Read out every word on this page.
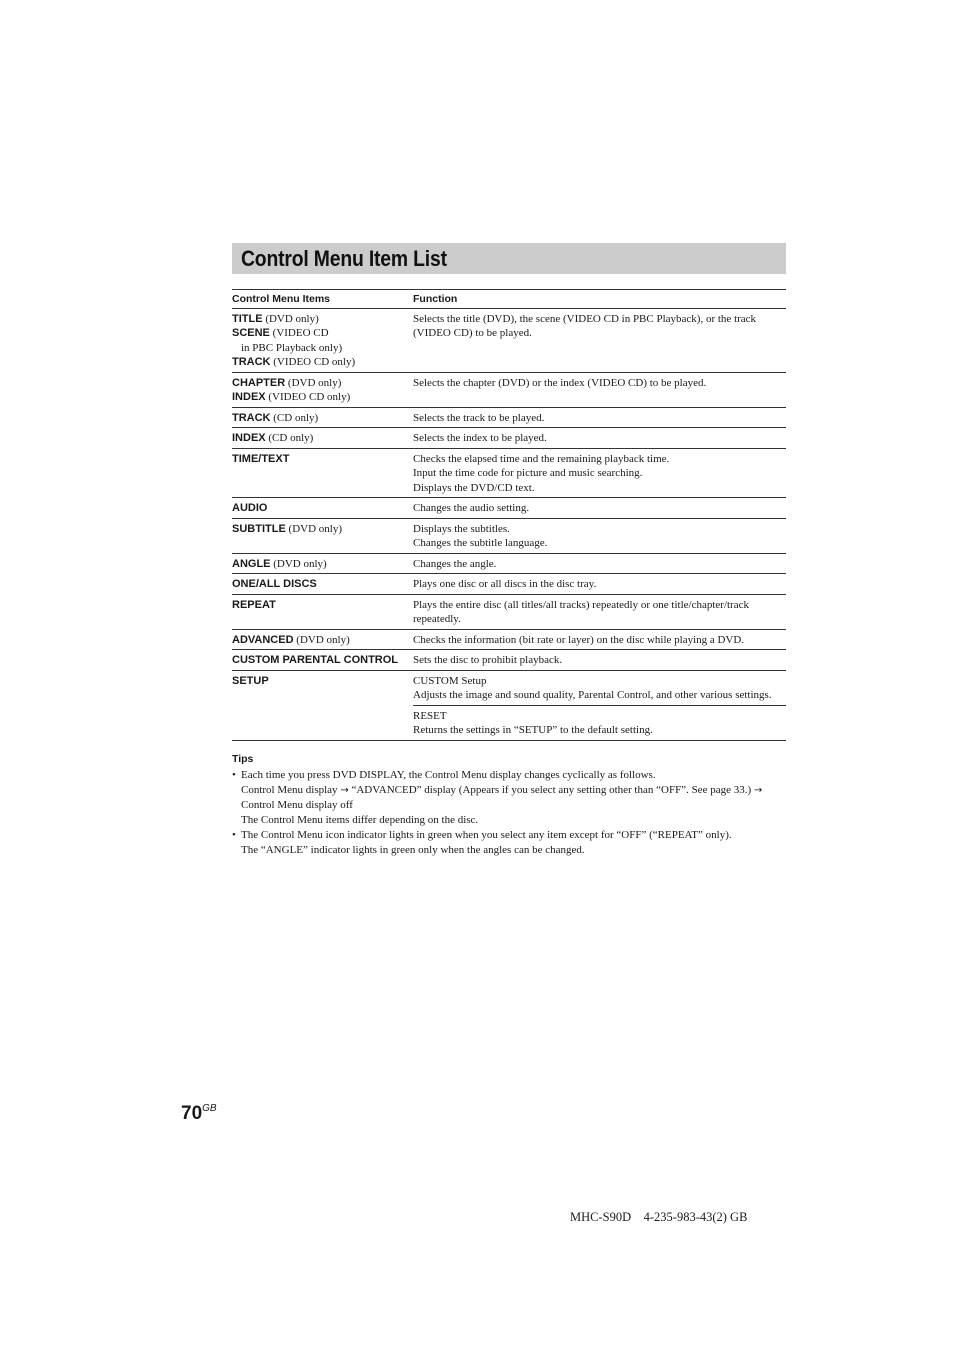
Control Menu Item List
Control Menu Items	Function

TITLE (DVD only)
SCENE (VIDEO CD
in PBC Playback only)
TRACK (VIDEO CD only)	Selects the title (DVD), the scene (VIDEO CD in PBC Playback), or the track (VIDEO CD) to be played.

CHAPTER (DVD only)
INDEX (VIDEO CD only)	Selects the chapter (DVD) or the index (VIDEO CD) to be played.

TRACK (CD only)	Selects the track to be played.

INDEX (CD only)	Selects the index to be played.

TIME/TEXT	Checks the elapsed time and the remaining playback time.
Input the time code for picture and music searching.
Displays the DVD/CD text.

AUDIO	Changes the audio setting.

SUBTITLE (DVD only)	Displays the subtitles.
Changes the subtitle language.

ANGLE (DVD only)	Changes the angle.

ONE/ALL DISCS	Plays one disc or all discs in the disc tray.

REPEAT	Plays the entire disc (all titles/all tracks) repeatedly or one title/chapter/track repeatedly.

ADVANCED (DVD only)	Checks the information (bit rate or layer) on the disc while playing a DVD.

CUSTOM PARENTAL CONTROL	Sets the disc to prohibit playback.

SETUP	CUSTOM Setup
Adjusts the image and sound quality, Parental Control, and other various settings.
RESET
Returns the settings in “SETUP” to the default setting.
Tips
• Each time you press DVD DISPLAY, the Control Menu display changes cyclically as follows.
Control Menu display → “ADVANCED” display (Appears if you select any setting other than “OFF”. See page 33.) → Control Menu display off
The Control Menu items differ depending on the disc.
• The Control Menu icon indicator lights in green when you select any item except for “OFF” (“REPEAT” only).
The “ANGLE” indicator lights in green only when the angles can be changed.
$70^{GB}$
MHC-S90D    4-235-983-43(2) GB
